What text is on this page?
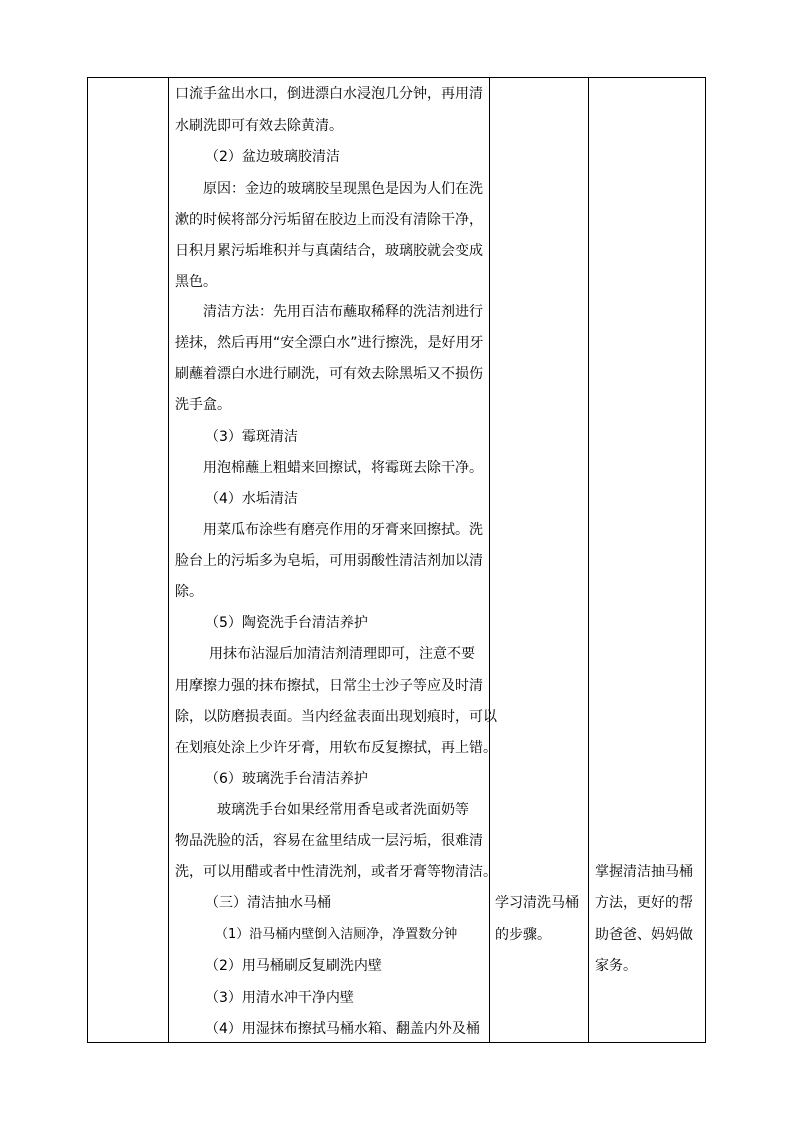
口流手盆出水口，倒进漂白水浸泡几分钟，再用清
水刷洗即可有效去除黄清。
（2）盆边玻璃胶清洁
原因：金边的玻璃胶呈现黑色是因为人们在洗
漱的时候将部分污垢留在胶边上而没有清除干净，
日积月累污垢堆积并与真菌结合，玻璃胶就会变成
黑色。
清洁方法：先用百洁布蘸取稀释的洗洁剂进行
搓抹，然后再用“安全漂白水”进行擦洗，是好用牙
刷蘸着漂白水进行刷洗，可有效去除黑垢又不损伤
洗手盒。
（3）霉斑清洁
用泡棉蘸上粗蜡来回擦试，将霉斑去除干净。
（4）水垢清洁
用菜瓜布涂些有磨亮作用的牙膏来回擦拭。洗
脸台上的污垢多为皂垢，可用弱酸性清洁剂加以清
除。
（5）陶瓷洗手台清洁养护
用抹布沾湿后加清洁剂清理即可，注意不要
用摩擦力强的抹布擦拭，日常尘士沙子等应及时清
除，以防磨损表面。当内经盆表面出现划痕时，可以
在划痕处涂上少许牙膏，用软布反复擦拭，再上错。
（6）玻璃洗手台清洁养护
玻璃洗手台如果经常用香皂或者洗面奶等
物品洗脸的活，容易在盆里结成一层污垢，很难清
洗，可以用醋或者中性清洗剂，或者牙膏等物清洁。
（三）清洁抽水马桶
（1）沿马桶内壁倒入洁厕净，净置数分钟
（2）用马桶刷反复刷洗内壁
（3）用清水冲干净内壁
（4）用湿抹布擦拭马桶水箱、翻盖内外及桶
学习清洗马桶
的步骤。
掌握清洁抽马桶
方法，更好的帮
助爸爸、妈妈做
家务。
